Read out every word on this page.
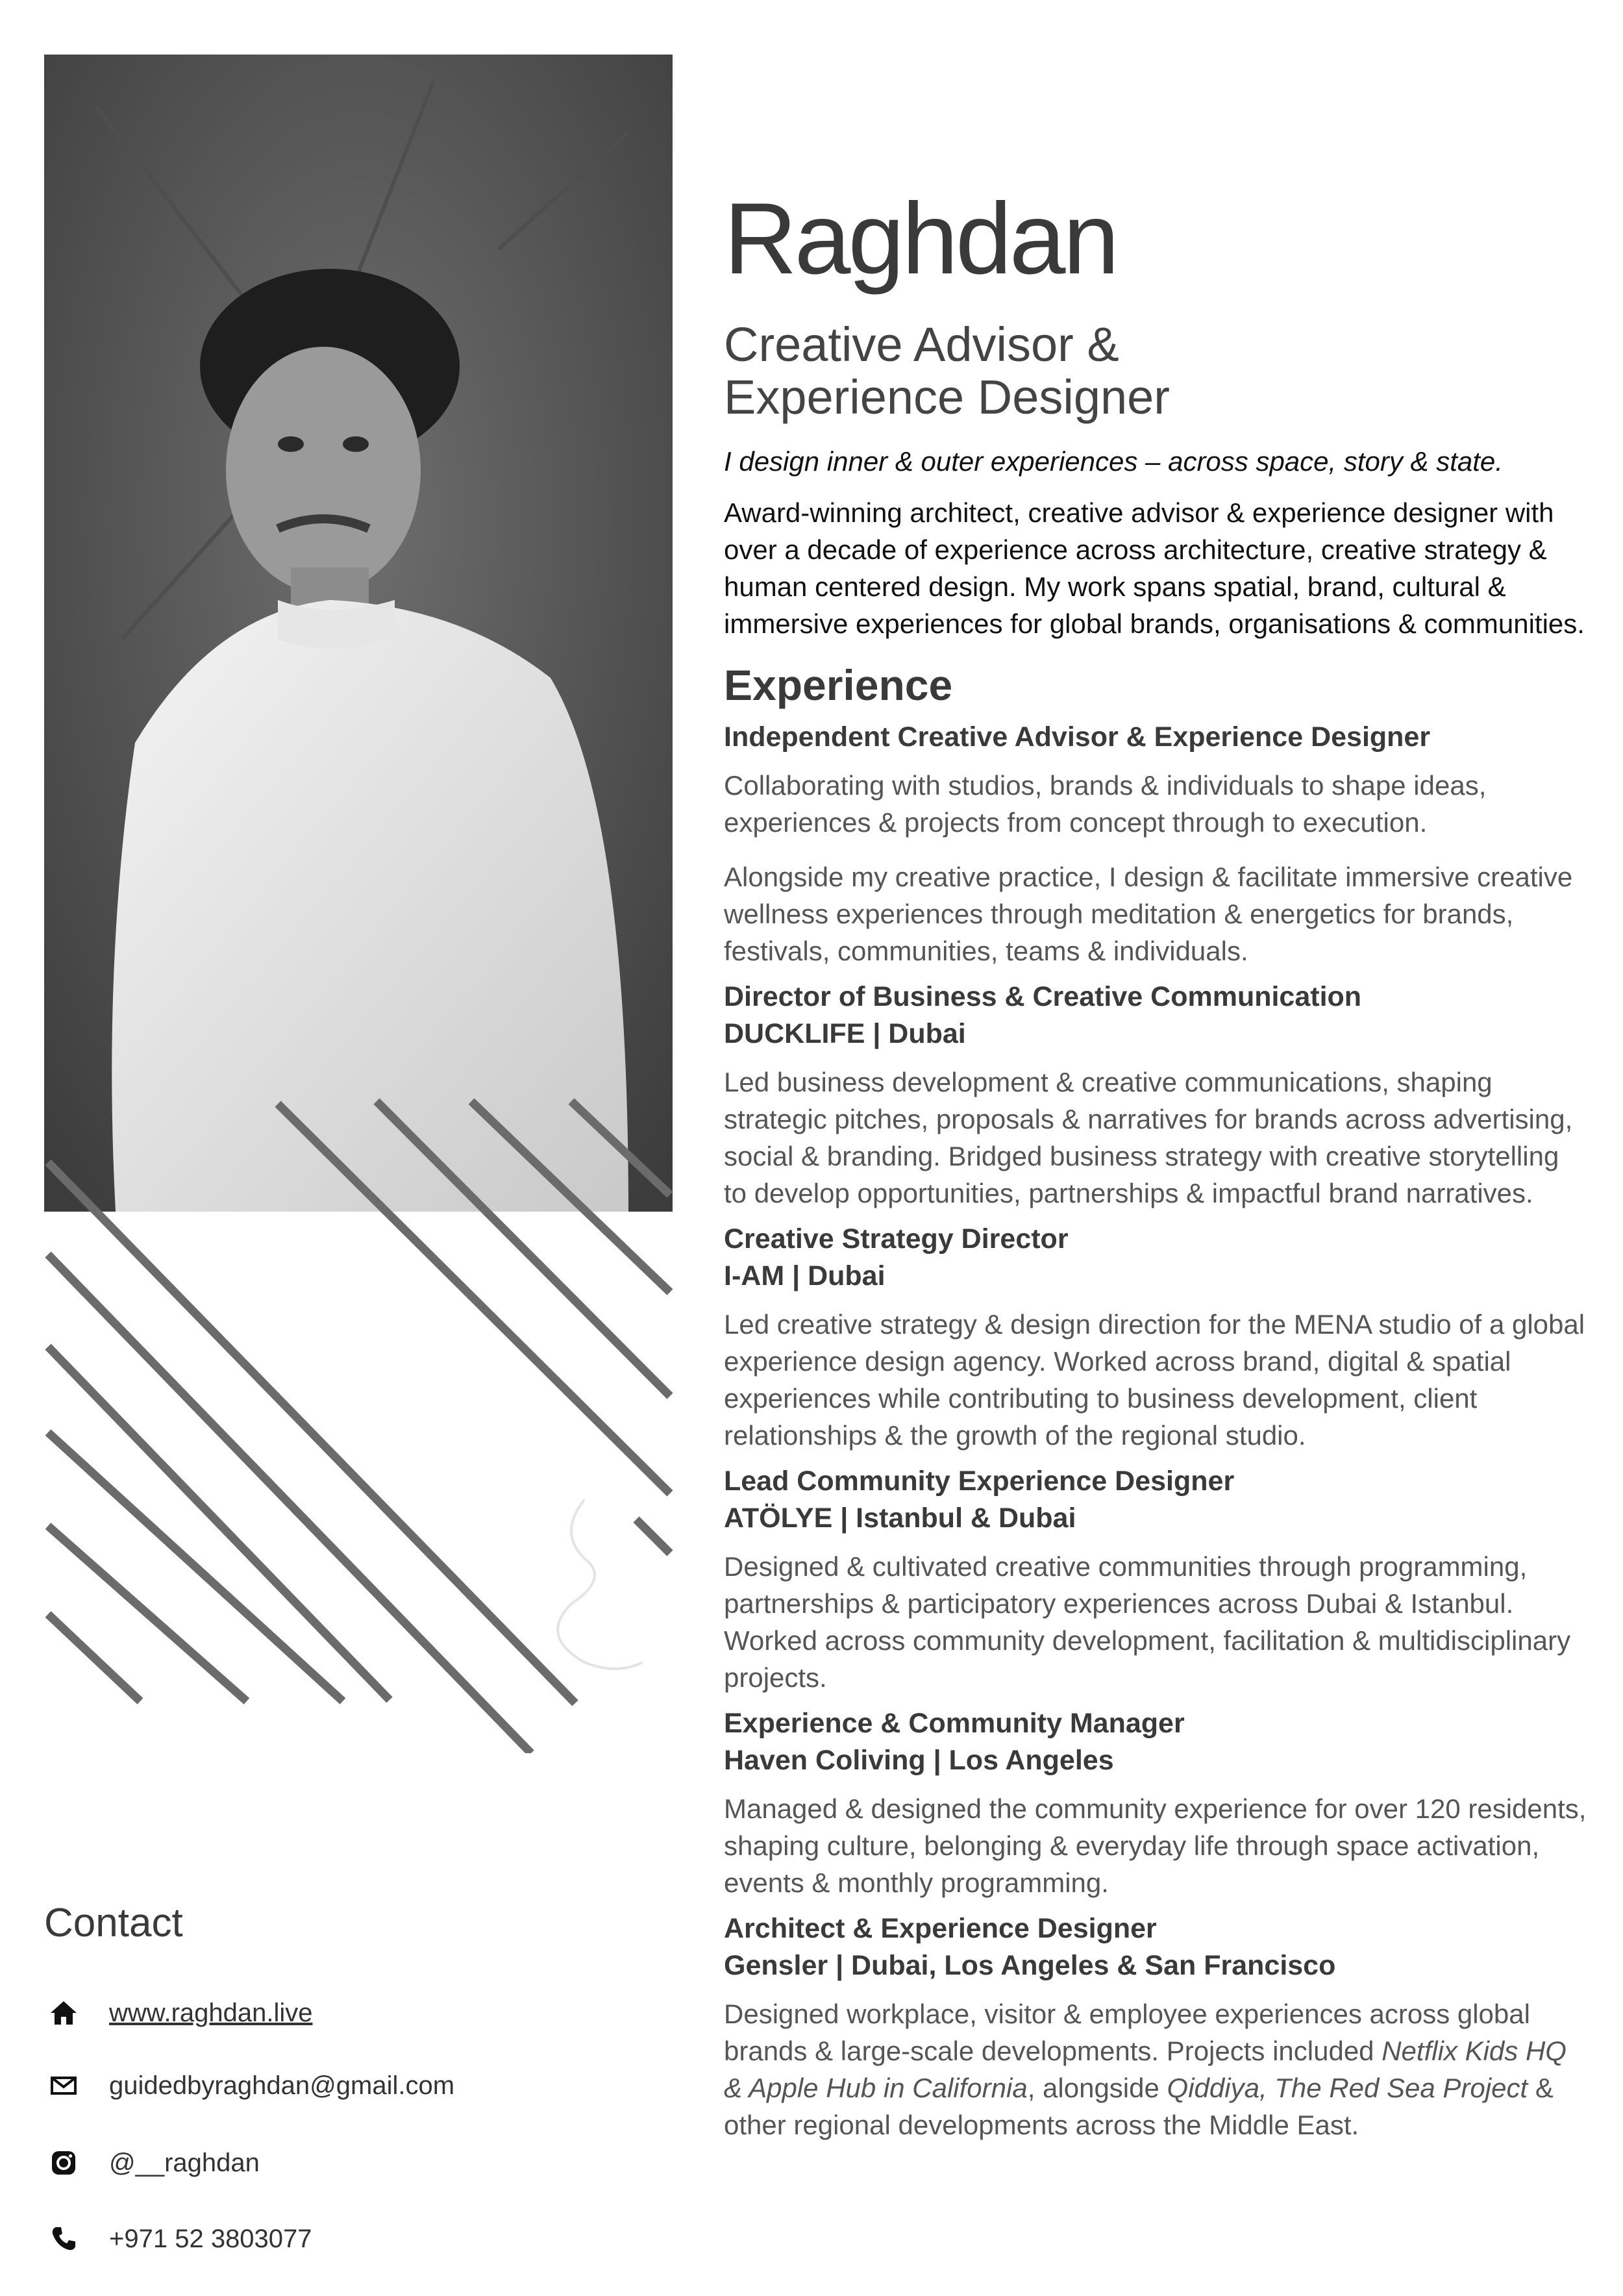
Contact
www.raghdan.live
guidedbyraghdan@gmail.com
@__raghdan
+971 52 3803077
Raghdan
Creative Advisor &
Experience Designer

I design inner & outer experiences – across space, story & state.

Award-winning architect, creative advisor & experience designer with over a decade of experience across architecture, creative strategy & human centered design. My work spans spatial, brand, cultural & immersive experiences for global brands, organisations & communities.

Experience
Independent Creative Advisor & Experience Designer
Collaborating with studios, brands & individuals to shape ideas, experiences & projects from concept through to execution.
Alongside my creative practice, I design & facilitate immersive creative wellness experiences through meditation & energetics for brands, festivals, communities, teams & individuals.
Director of Business & Creative Communication
DUCKLIFE | Dubai
Led business development & creative communications, shaping strategic pitches, proposals & narratives for brands across advertising, social & branding. Bridged business strategy with creative storytelling to develop opportunities, partnerships & impactful brand narratives.
Creative Strategy Director
I-AM | Dubai
Led creative strategy & design direction for the MENA studio of a global experience design agency. Worked across brand, digital & spatial experiences while contributing to business development, client relationships & the growth of the regional studio.
Lead Community Experience Designer
ATÖLYE | Istanbul & Dubai
Designed & cultivated creative communities through programming, partnerships & participatory experiences across Dubai & Istanbul. Worked across community development, facilitation & multidisciplinary projects.
Experience & Community Manager
Haven Coliving | Los Angeles
Managed & designed the community experience for over 120 residents, shaping culture, belonging & everyday life through space activation, events & monthly programming.
Architect & Experience Designer
Gensler | Dubai, Los Angeles & San Francisco
Designed workplace, visitor & employee experiences across global brands & large-scale developments. Projects included Netflix Kids HQ & Apple Hub in California, alongside Qiddiya, The Red Sea Project & other regional developments across the Middle East.
